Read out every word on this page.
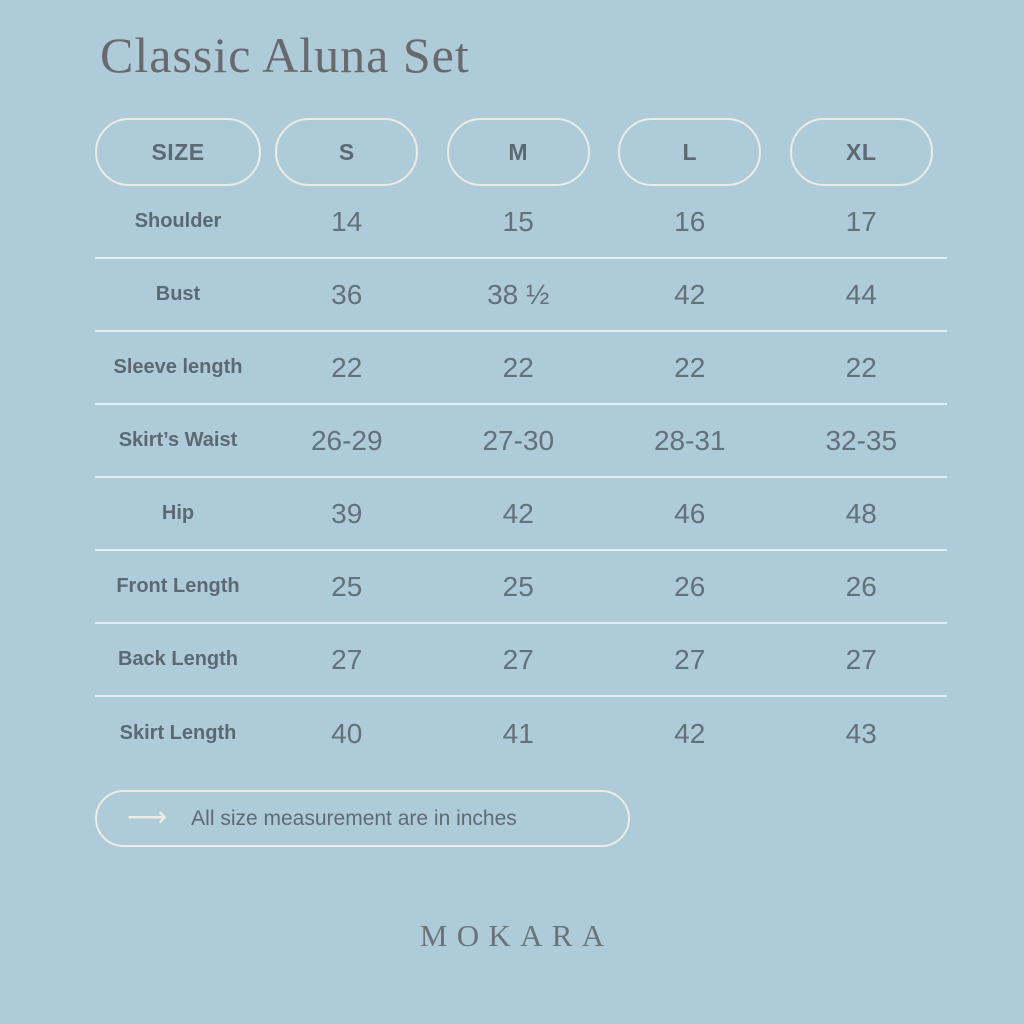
Classic Aluna Set
SIZE	S	M	L	XL
Shoulder	14	15	16	17
Bust	36	38 ½	42	44
Sleeve length	22	22	22	22
Skirt’s Waist	26-29	27-30	28-31	32-35
Hip	39	42	46	48
Front Length	25	25	26	26
Back Length	27	27	27	27
Skirt Length	40	41	42	43
⟶ All size measurement are in inches
MOKARA
